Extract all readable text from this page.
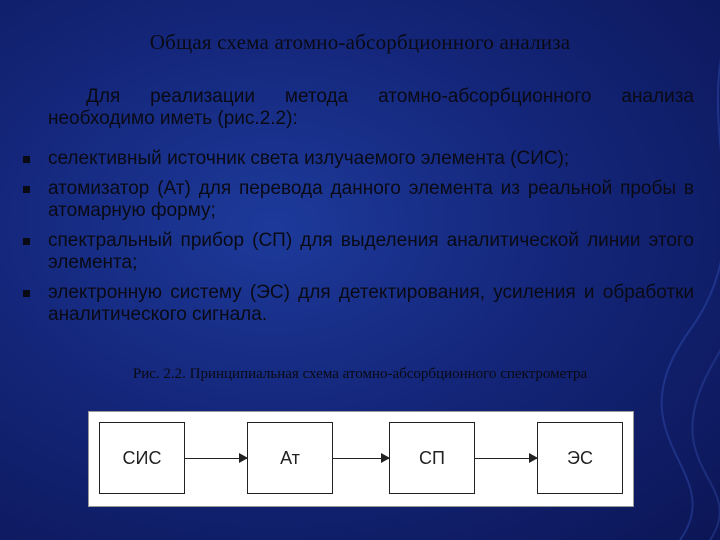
Общая схема атомно-абсорбционного анализа
Для реализации метода атомно-абсорбционного анализа необходимо иметь (рис.2.2):
селективный источник света излучаемого элемента (СИС);
атомизатор (Ат) для перевода данного элемента из реальной пробы в атомарную форму;
спектральный прибор (СП) для выделения аналитической линии этого элемента;
электронную систему (ЭС) для детектирования, усиления и обработки аналитического сигнала.
Рис. 2.2. Принципиальная схема атомно-абсорбционного спектрометра
СИС	Ат	СП	ЭС
